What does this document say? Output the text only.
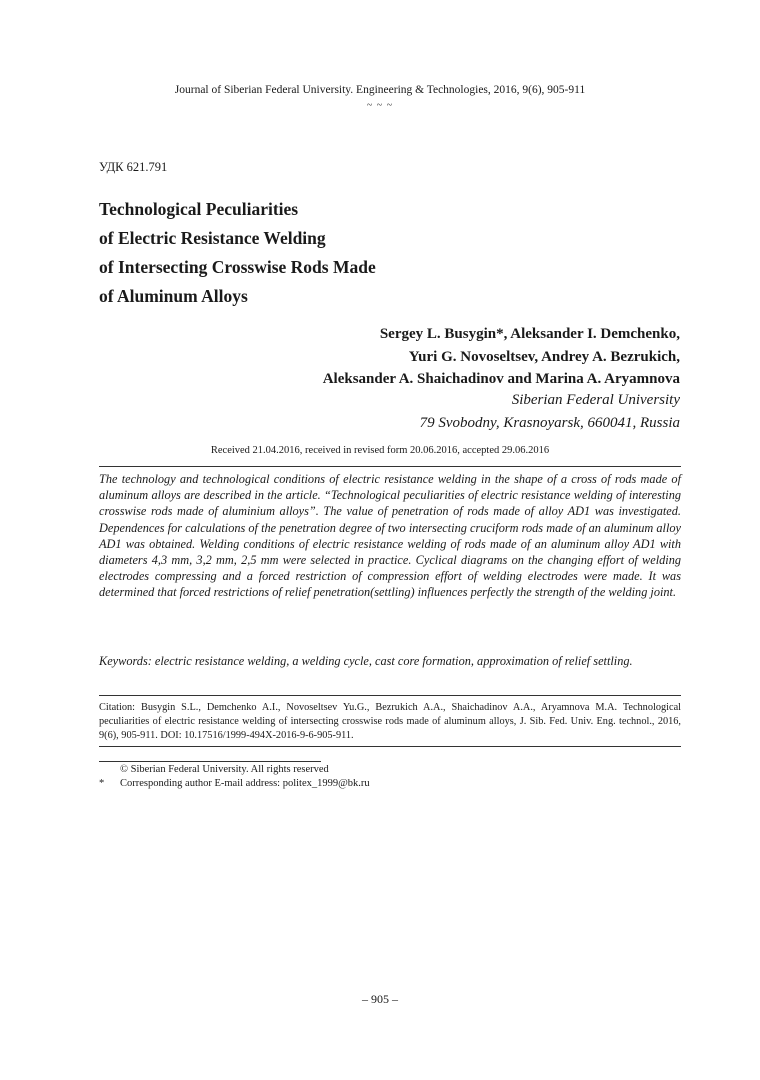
Journal of Siberian Federal University. Engineering & Technologies, 2016, 9(6), 905-911
~ ~ ~
УДК 621.791
Technological Peculiarities
of Electric Resistance Welding
of Intersecting Crosswise Rods Made
of Aluminum Alloys
Sergey L. Busygin*, Aleksander I. Demchenko,
Yuri G. Novoseltsev, Andrey A. Bezrukich,
Aleksander A. Shaichadinov and Marina A. Aryamnova
Siberian Federal University
79 Svobodny, Krasnoyarsk, 660041, Russia
Received 21.04.2016, received in revised form 20.06.2016, accepted 29.06.2016
The technology and technological conditions of electric resistance welding in the shape of a cross of rods made of aluminum alloys are described in the article. “Technological peculiarities of electric resistance welding of interesting crosswise rods made of aluminium alloys”. The value of penetration of rods made of alloy AD1 was investigated. Dependences for calculations of the penetration degree of two intersecting cruciform rods made of an aluminum alloy AD1 was obtained. Welding conditions of electric resistance welding of rods made of an aluminum alloy AD1 with diameters 4,3 mm, 3,2 mm, 2,5 mm were selected in practice. Cyclical diagrams on the changing effort of welding electrodes compressing and a forced restriction of compression effort of welding electrodes were made. It was determined that forced restrictions of relief penetration(settling) influences perfectly the strength of the welding joint.
Keywords: electric resistance welding, a welding cycle, cast core formation, approximation of relief settling.
Citation: Busygin S.L., Demchenko A.I., Novoseltsev Yu.G., Bezrukich A.A., Shaichadinov A.A., Aryamnova M.A. Technological peculiarities of electric resistance welding of intersecting crosswise rods made of aluminum alloys, J. Sib. Fed. Univ. Eng. technol., 2016, 9(6), 905-911. DOI: 10.17516/1999-494X-2016-9-6-905-911.
© Siberian Federal University. All rights reserved
* Corresponding author E-mail address: politex_1999@bk.ru
– 905 –
